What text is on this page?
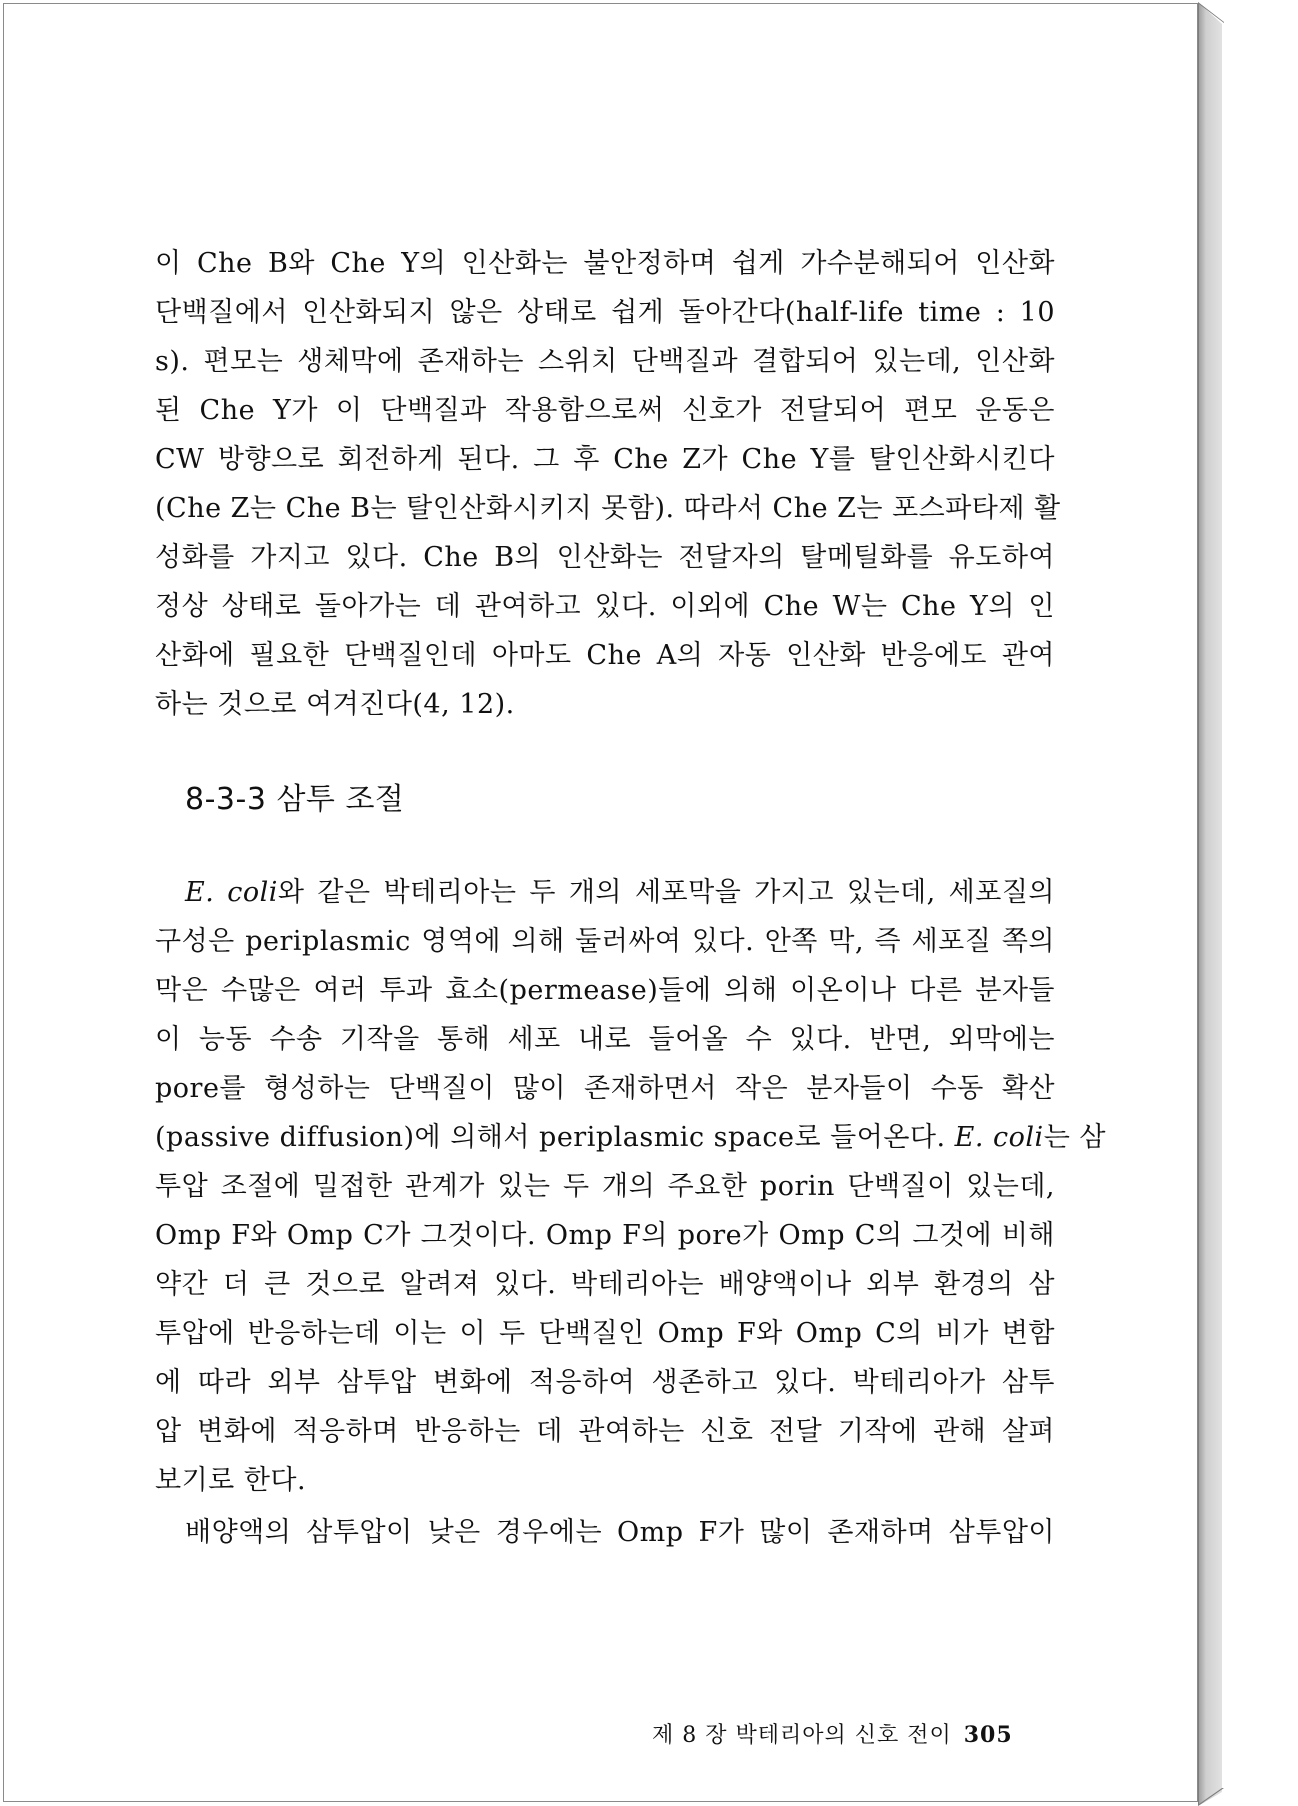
이 Che B와 Che Y의 인산화는 불안정하며 쉽게 가수분해되어 인산화
단백질에서 인산화되지 않은 상태로 쉽게 돌아간다(half-life time : 10
s). 편모는 생체막에 존재하는 스위치 단백질과 결합되어 있는데, 인산화
된 Che Y가 이 단백질과 작용함으로써 신호가 전달되어 편모 운동은
CW 방향으로 회전하게 된다. 그 후 Che Z가 Che Y를 탈인산화시킨다
(Che Z는 Che B는 탈인산화시키지 못함). 따라서 Che Z는 포스파타제 활
성화를 가지고 있다. Che B의 인산화는 전달자의 탈메틸화를 유도하여
정상 상태로 돌아가는 데 관여하고 있다. 이외에 Che W는 Che Y의 인
산화에 필요한 단백질인데 아마도 Che A의 자동 인산화 반응에도 관여
하는 것으로 여겨진다(4, 12).
8-3-3 삼투 조절
E. coli와 같은 박테리아는 두 개의 세포막을 가지고 있는데, 세포질의
구성은 periplasmic 영역에 의해 둘러싸여 있다. 안쪽 막, 즉 세포질 쪽의
막은 수많은 여러 투과 효소(permease)들에 의해 이온이나 다른 분자들
이 능동 수송 기작을 통해 세포 내로 들어올 수 있다. 반면, 외막에는
pore를 형성하는 단백질이 많이 존재하면서 작은 분자들이 수동 확산
(passive diffusion)에 의해서 periplasmic space로 들어온다. E. coli는 삼
투압 조절에 밀접한 관계가 있는 두 개의 주요한 porin 단백질이 있는데,
Omp F와 Omp C가 그것이다. Omp F의 pore가 Omp C의 그것에 비해
약간 더 큰 것으로 알려져 있다. 박테리아는 배양액이나 외부 환경의 삼
투압에 반응하는데 이는 이 두 단백질인 Omp F와 Omp C의 비가 변함
에 따라 외부 삼투압 변화에 적응하여 생존하고 있다. 박테리아가 삼투
압 변화에 적응하며 반응하는 데 관여하는 신호 전달 기작에 관해 살펴
보기로 한다.
배양액의 삼투압이 낮은 경우에는 Omp F가 많이 존재하며 삼투압이
제 8 장 박테리아의 신호 전이 305
